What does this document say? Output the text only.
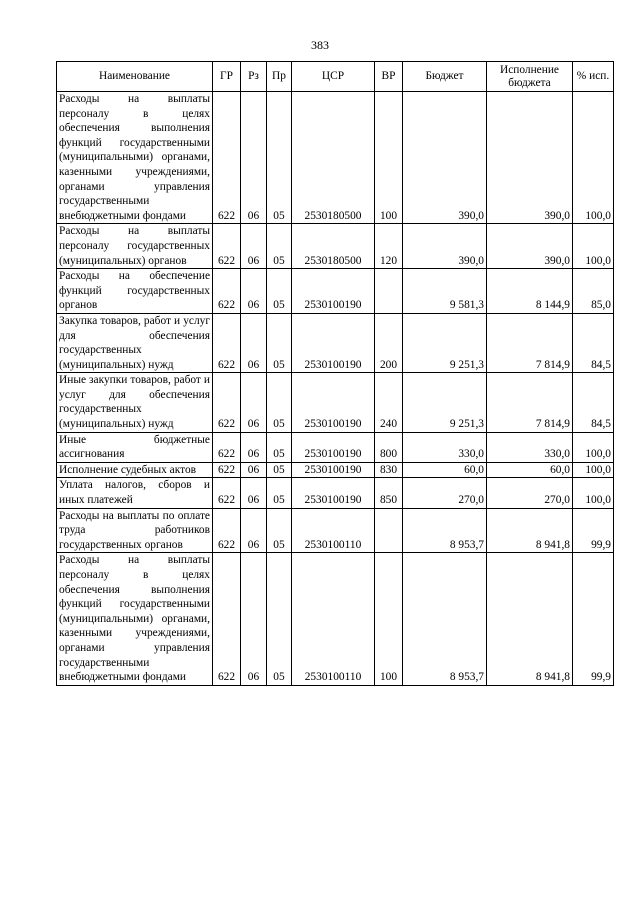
383
Наименование	ГР	Рз	Пр	ЦСР	ВР	Бюджет	Исполнение бюджета	% исп.
Расходы на выплаты персоналу в целях обеспечения выполнения функций государственными (муниципальными) органами, казенными учреждениями, органами управления государственными внебюджетными фондами	622	06	05	2530180500	100	390,0	390,0	100,0
Расходы на выплаты персоналу государственных (муниципальных) органов	622	06	05	2530180500	120	390,0	390,0	100,0
Расходы на обеспечение функций государственных органов	622	06	05	2530100190		9 581,3	8 144,9	85,0
Закупка товаров, работ и услуг для обеспечения государственных (муниципальных) нужд	622	06	05	2530100190	200	9 251,3	7 814,9	84,5
Иные закупки товаров, работ и услуг для обеспечения государственных (муниципальных) нужд	622	06	05	2530100190	240	9 251,3	7 814,9	84,5
Иные бюджетные ассигнования	622	06	05	2530100190	800	330,0	330,0	100,0
Исполнение судебных актов	622	06	05	2530100190	830	60,0	60,0	100,0
Уплата налогов, сборов и иных платежей	622	06	05	2530100190	850	270,0	270,0	100,0
Расходы на выплаты по оплате труда работников государственных органов	622	06	05	2530100110		8 953,7	8 941,8	99,9
Расходы на выплаты персоналу в целях обеспечения выполнения функций государственными (муниципальными) органами, казенными учреждениями, органами управления государственными внебюджетными фондами	622	06	05	2530100110	100	8 953,7	8 941,8	99,9
